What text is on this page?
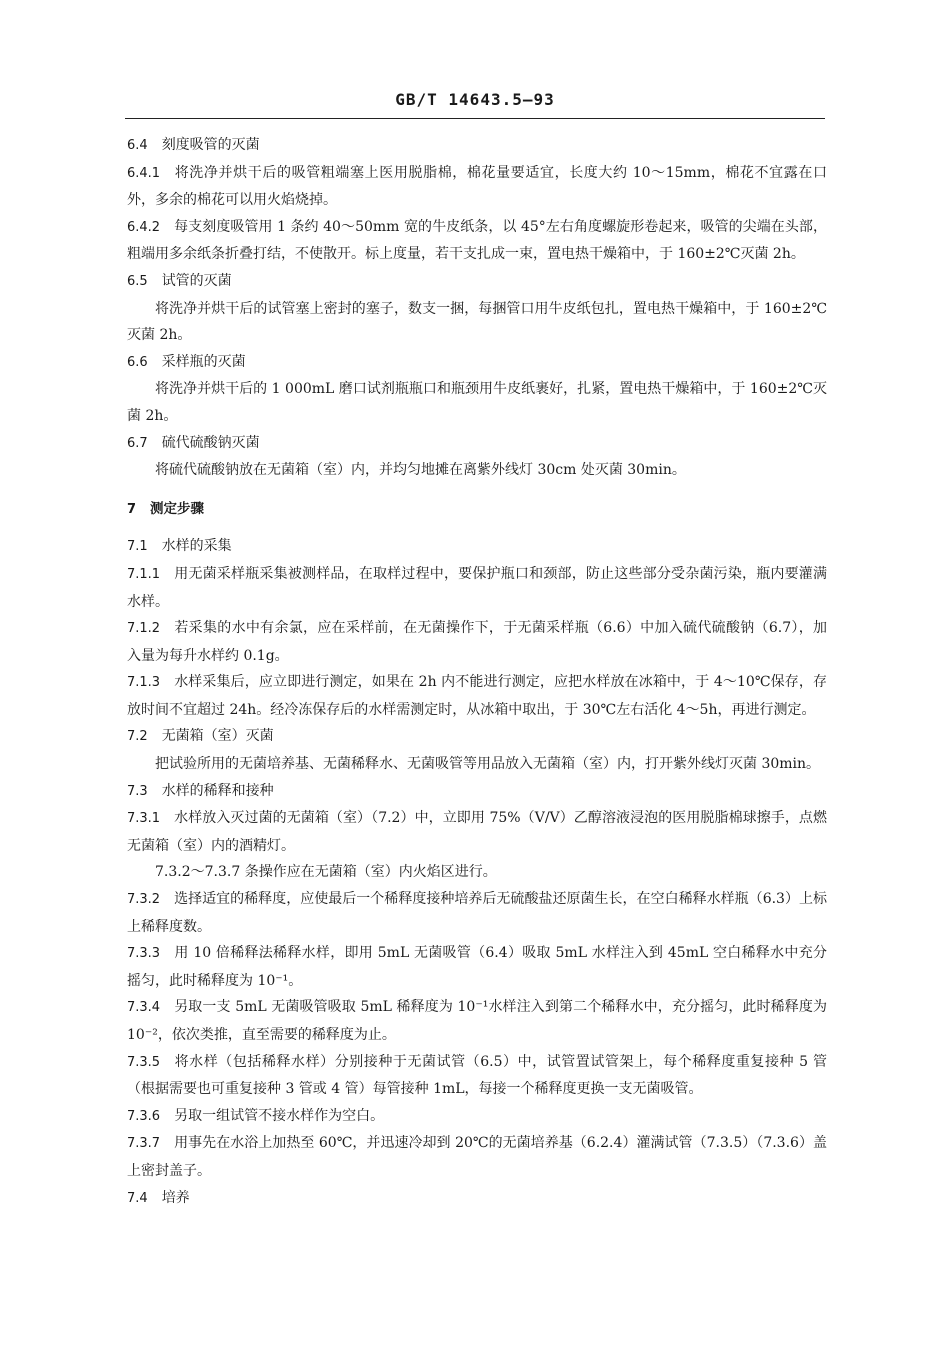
GB/T 14643.5—93

6.4 刻度吸管的灭菌

6.4.1 将洗净并烘干后的吸管粗端塞上医用脱脂棉，棉花量要适宜，长度大约 10～15mm，棉花不宜露在口外，多余的棉花可以用火焰烧掉。

6.4.2 每支刻度吸管用 1 条约 40～50mm 宽的牛皮纸条，以 45°左右角度螺旋形卷起来，吸管的尖端在头部，粗端用多余纸条折叠打结，不使散开。标上度量，若干支扎成一束，置电热干燥箱中，于 160±2℃灭菌 2h。

6.5 试管的灭菌

将洗净并烘干后的试管塞上密封的塞子，数支一捆，每捆管口用牛皮纸包扎，置电热干燥箱中，于 160±2℃灭菌 2h。

6.6 采样瓶的灭菌

将洗净并烘干后的 1 000mL 磨口试剂瓶瓶口和瓶颈用牛皮纸裹好，扎紧，置电热干燥箱中，于 160±2℃灭菌 2h。

6.7 硫代硫酸钠灭菌

将硫代硫酸钠放在无菌箱（室）内，并均匀地摊在离紫外线灯 30cm 处灭菌 30min。

7 测定步骤

7.1 水样的采集

7.1.1 用无菌采样瓶采集被测样品，在取样过程中，要保护瓶口和颈部，防止这些部分受杂菌污染，瓶内要灌满水样。

7.1.2 若采集的水中有余氯，应在采样前，在无菌操作下，于无菌采样瓶（6.6）中加入硫代硫酸钠（6.7），加入量为每升水样约 0.1g。

7.1.3 水样采集后，应立即进行测定，如果在 2h 内不能进行测定，应把水样放在冰箱中，于 4～10℃保存，存放时间不宜超过 24h。经冷冻保存后的水样需测定时，从冰箱中取出，于 30℃左右活化 4～5h，再进行测定。

7.2 无菌箱（室）灭菌

把试验所用的无菌培养基、无菌稀释水、无菌吸管等用品放入无菌箱（室）内，打开紫外线灯灭菌 30min。

7.3 水样的稀释和接种

7.3.1 水样放入灭过菌的无菌箱（室）（7.2）中，立即用 75%（V/V）乙醇溶液浸泡的医用脱脂棉球擦手，点燃无菌箱（室）内的酒精灯。

7.3.2～7.3.7 条操作应在无菌箱（室）内火焰区进行。

7.3.2 选择适宜的稀释度，应使最后一个稀释度接种培养后无硫酸盐还原菌生长，在空白稀释水样瓶（6.3）上标上稀释度数。

7.3.3 用 10 倍稀释法稀释水样，即用 5mL 无菌吸管（6.4）吸取 5mL 水样注入到 45mL 空白稀释水中充分摇匀，此时稀释度为 10⁻¹。

7.3.4 另取一支 5mL 无菌吸管吸取 5mL 稀释度为 10⁻¹水样注入到第二个稀释水中，充分摇匀，此时稀释度为 10⁻²，依次类推，直至需要的稀释度为止。

7.3.5 将水样（包括稀释水样）分别接种于无菌试管（6.5）中，试管置试管架上，每个稀释度重复接种 5 管（根据需要也可重复接种 3 管或 4 管）每管接种 1mL，每接一个稀释度更换一支无菌吸管。

7.3.6 另取一组试管不接水样作为空白。

7.3.7 用事先在水浴上加热至 60℃，并迅速冷却到 20℃的无菌培养基（6.2.4）灌满试管（7.3.5）（7.3.6）盖上密封盖子。

7.4 培养
